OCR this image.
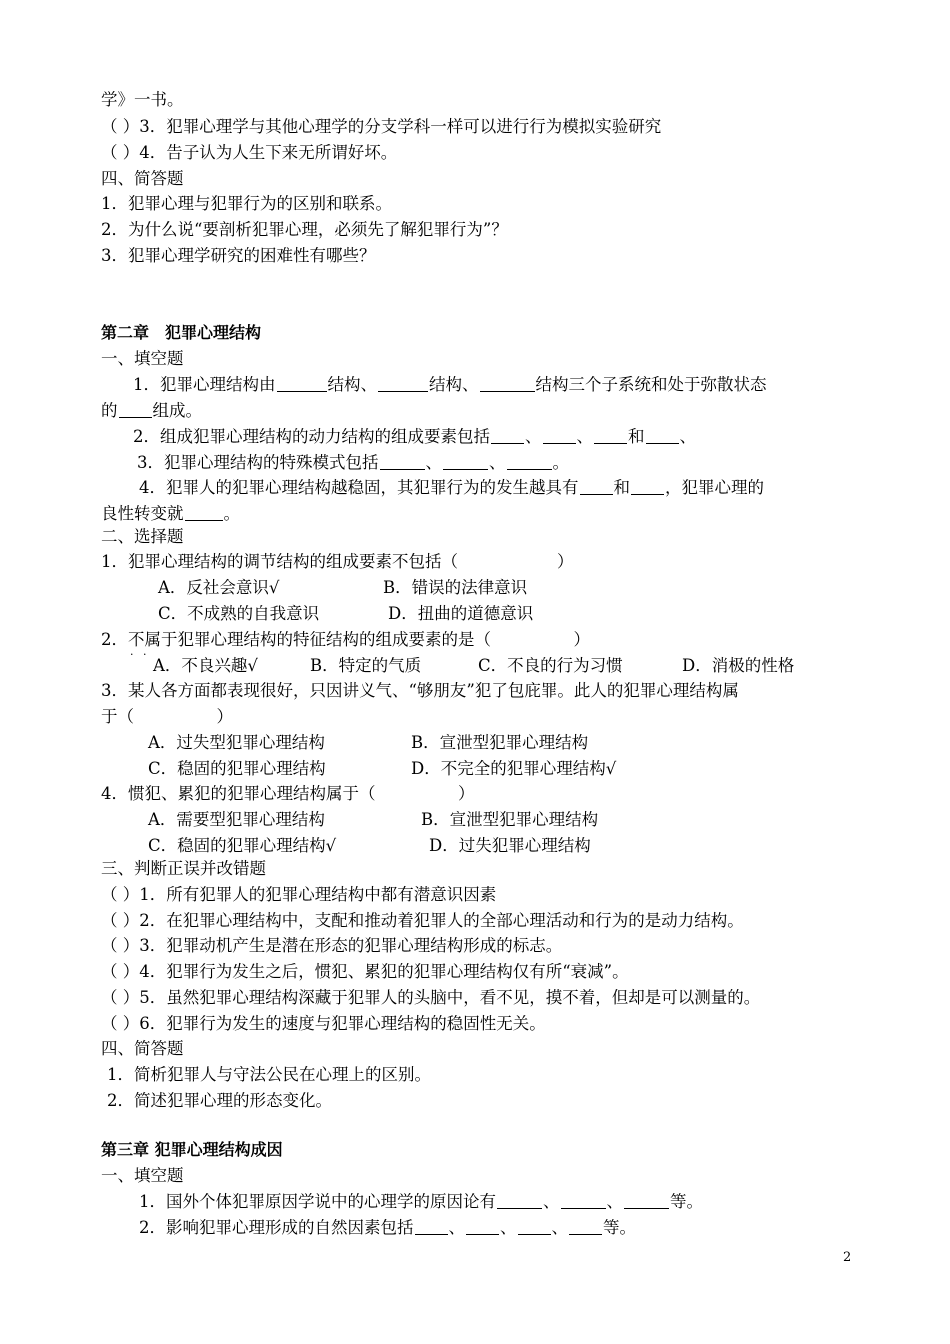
学》一书。
（ ）3．犯罪心理学与其他心理学的分支学科一样可以进行行为模拟实验研究
（ ）4．告子认为人生下来无所谓好坏。
四、简答题
1．犯罪心理与犯罪行为的区别和联系。
2．为什么说“要剖析犯罪心理，必须先了解犯罪行为”？
3．犯罪心理学研究的困难性有哪些？
第二章　犯罪心理结构
一、填空题
1．犯罪心理结构由	结构、	结构、	结构三个子系统和处于弥散状态
的 组成。
2．组成犯罪心理结构的动力结构的组成要素包括 、 、 和 、
3．犯罪心理结构的特殊模式包括	、	、	。
4．犯罪人的犯罪心理结构越稳固，其犯罪行为的发生越具有 和 ，犯罪心理的
良性转变就 。
二、选择题
1．犯罪心理结构的调节结构的组成要素不包括（　　　　　　）
A．反社会意识√	B．错误的法律意识
C．不成熟的自我意识	D．扭曲的道德意识
2．不属于 · ·犯罪心理结构的特征结构的组成要素的是（　　　　　）
A．不良兴趣√	B．特定的气质	C．不良的行为习惯	D．消极的性格
3．某人各方面都表现很好，只因讲义气、“够朋友”犯了包庇罪。此人的犯罪心理结构属
于（　　　　　）
A．过失型犯罪心理结构	B．宣泄型犯罪心理结构
C．稳固的犯罪心理结构	D．不完全的犯罪心理结构√
4．惯犯、累犯的犯罪心理结构属于（　　　　　）
A．需要型犯罪心理结构	B．宣泄型犯罪心理结构
C．稳固的犯罪心理结构√	D．过失犯罪心理结构
三、判断正误并改错题
（ ）1．所有犯罪人的犯罪心理结构中都有潜意识因素
（ ）2．在犯罪心理结构中，支配和推动着犯罪人的全部心理活动和行为的是动力结构。
（ ）3．犯罪动机产生是潜在形态的犯罪心理结构形成的标志。
（ ）4．犯罪行为发生之后，惯犯、累犯的犯罪心理结构仅有所“衰减”。
（ ）5．虽然犯罪心理结构深藏于犯罪人的头脑中，看不见，摸不着，但却是可以测量的。
（ ）6．犯罪行为发生的速度与犯罪心理结构的稳固性无关。
四、简答题
1．简析犯罪人与守法公民在心理上的区别。
2．简述犯罪心理的形态变化。
第三章 犯罪心理结构成因
一、填空题
1．国外个体犯罪原因学说中的心理学的原因论有	、	、	等。
2．影响犯罪心理形成的自然因素包括 、 、 、 等。
2
